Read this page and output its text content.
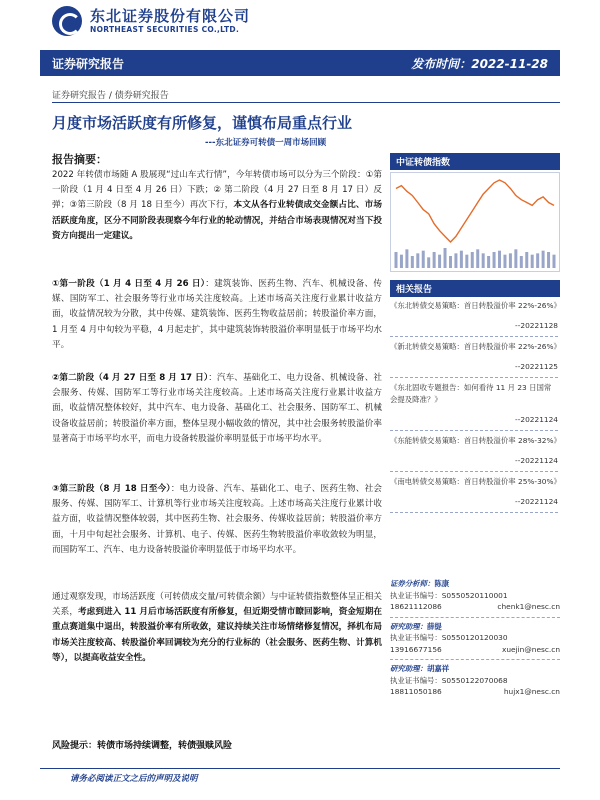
东北证券股份有限公司
NORTHEAST SECURITIES CO.,LTD.
证券研究报告	发布时间：2022-11-28
证券研究报告 / 债券研究报告
月度市场活跃度有所修复，谨慎布局重点行业
---东北证券可转债一周市场回顾
报告摘要：
2022 年转债市场随 A 股展现“过山车式行情”，今年转债市场可以分为三个阶段：①第一阶段（1 月 4 日至 4 月 26 日）下跌；② 第二阶段（4 月 27 日至 8 月 17 日）反弹；③第三阶段（8 月 18 日至今）再次下行，本文从各行业转债成交金额占比、市场活跃度角度，区分不同阶段表现察今年行业的轮动情况，并结合市场表现情况对当下投资方向提出一定建议。
①第一阶段（1 月 4 日至 4 月 26 日）：建筑装饰、医药生物、汽车、机械设备、传媒、国防军工、社会服务等行业市场关注度较高。上述市场高关注度行业累计收益方面，收益情况较为分散，其中传媒、建筑装饰、医药生物收益居前；转股溢价率方面，1 月至 4 月中旬较为平稳，4 月起走扩，其中建筑装饰转股溢价率明显低于市场平均水平。
②第二阶段（4 月 27 日至 8 月 17 日）：汽车、基础化工、电力设备、机械设备、社会服务、传媒、国防军工等行业市场关注度较高。上述市场高关注度行业累计收益方面，收益情况整体较好，其中汽车、电力设备、基础化工、社会服务、国防军工、机械设备收益居前；转股溢价率方面，整体呈现小幅收敛的情况，其中社会服务转股溢价率显著高于市场平均水平，而电力设备转股溢价率明显低于市场平均水平。
③第三阶段（8 月 18 日至今）：电力设备、汽车、基础化工、电子、医药生物、社会服务、传媒、国防军工、计算机等行业市场关注度较高。上述市场高关注度行业累计收益方面，收益情况整体较弱，其中医药生物、社会服务、传媒收益居前；转股溢价率方面，十月中旬起社会服务、计算机、电子、传媒、医药生物转股溢价率收敛较为明显，而国防军工、汽车、电力设备转股溢价率明显低于市场平均水平。
通过观察发现，市场活跃度（可转债成交量/可转债余额）与中证转债指数整体呈正相关关系，考虑到进入 11 月后市场活跃度有所修复，但近期受情市瞭回影响，资金短期在重点赛道集中退出，转股溢价率有所收敛，建议持续关注市场情绪修复情况，择机布局市场关注度较高、转股溢价率回调较为充分的行业标的（社会服务、医药生物、计算机等），以提高收益安全性。
中证转债指数
相关报告
《东北转债交易策略：首日转股溢价率 22%-26%》
--20221128
《新北转债交易策略：首日转股溢价率 22%-26%》
--20221125
《东北固收专题报告：如何看待 11 月 23 日国常会提及降准？》
--20221124
《东能转债交易策略：首日转股溢价率 28%-32%》
--20221124
《南电转债交易策略：首日转股溢价率 25%-30%》
--20221124
证券分析师：陈康
执业证书编号：S0550520110001
18621112086	chenk1@nesc.cn
研究助理：薛缇
执业证书编号：S0550120120030
13916677156	xuejin@nesc.cn
研究助理：胡嘉祥
执业证书编号：S0550122070068
18811050186	hujx1@nesc.cn
风险提示：转债市场持续调整，转债强赎风险
请务必阅读正文之后的声明及说明
